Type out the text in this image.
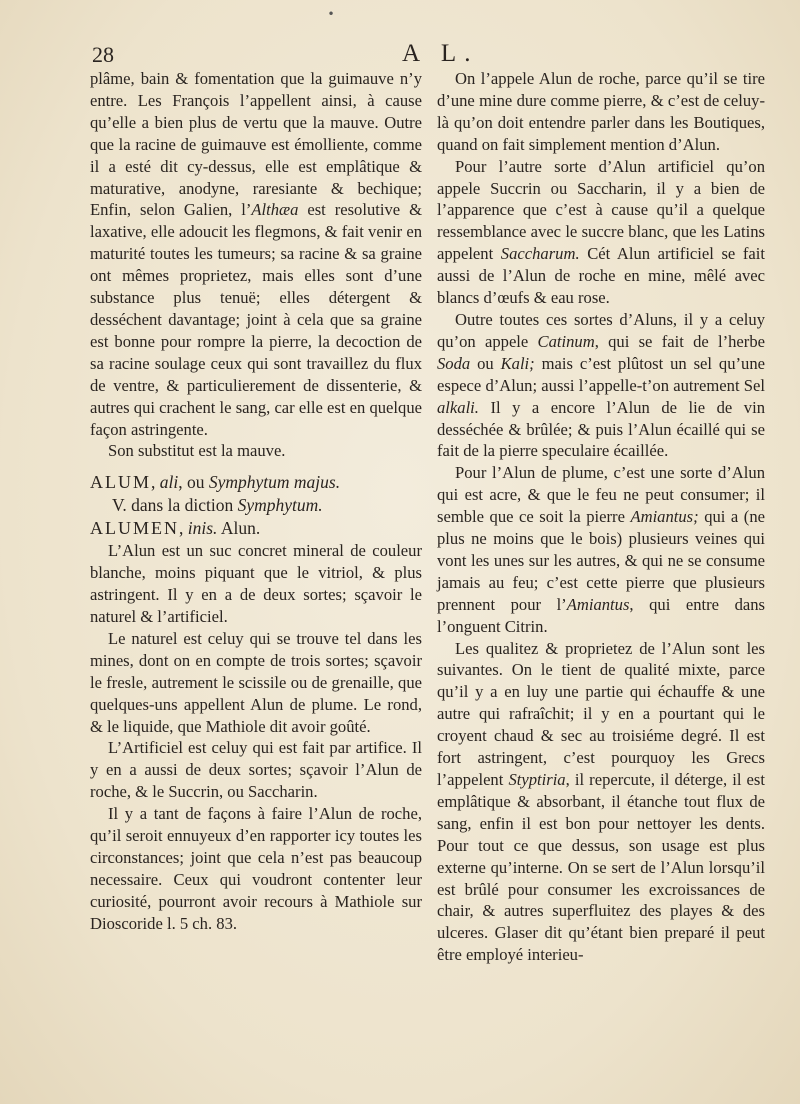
•
28	A L.

plâme, bain & fomentation que la guimauve n’y entre. Les François l’appellent ainsi, à cause qu’elle a bien plus de vertu que la mauve. Outre que la racine de guimauve est émolliente, comme il a esté dit cy-dessus, elle est emplâtique & maturative, anodyne, raresiante & bechique; Enfin, selon Galien, l’Althæa est resolutive & laxative, elle adoucit les flegmons, & fait venir en maturité toutes les tumeurs; sa racine & sa graine ont mêmes proprietez, mais elles sont d’une substance plus tenuë; elles détergent & desséchent davantage; joint à cela que sa graine est bonne pour rompre la pierre, la decoction de sa racine soulage ceux qui sont travaillez du flux de ventre, & particulierement de dissenterie, & autres qui crachent le sang, car elle est en quelque façon astringente.

Son substitut est la mauve.

ALUM, ali, ou Symphytum majus.

V. dans la diction Symphytum.

ALUMEN, inis. Alun.

L’Alun est un suc concret mineral de couleur blanche, moins piquant que le vitriol, & plus astringent. Il y en a de deux sortes; sçavoir le naturel & l’artificiel.

Le naturel est celuy qui se trouve tel dans les mines, dont on en compte de trois sortes; sçavoir le fresle, autrement le scissile ou de grenaille, que quelques-uns appellent Alun de plume. Le rond, & le liquide, que Mathiole dit avoir goûté.

L’Artificiel est celuy qui est fait par artifice. Il y en a aussi de deux sortes; sçavoir l’Alun de roche, & le Succrin, ou Saccharin.

Il y a tant de façons à faire l’Alun de roche, qu’il seroit ennuyeux d’en rapporter icy toutes les circonstances; joint que cela n’est pas beaucoup necessaire. Ceux qui voudront contenter leur curiosité, pourront avoir recours à Mathiole sur Dioscoride l. 5 ch. 83.

On l’appele Alun de roche, parce qu’il se tire d’une mine dure comme pierre, & c’est de celuy-là qu’on doit entendre parler dans les Boutiques, quand on fait simplement mention d’Alun.

Pour l’autre sorte d’Alun artificiel qu’on appele Succrin ou Saccharin, il y a bien de l’apparence que c’est à cause qu’il a quelque ressemblance avec le succre blanc, que les Latins appelent Saccharum. Cét Alun artificiel se fait aussi de l’Alun de roche en mine, mêlé avec blancs d’œufs & eau rose.

Outre toutes ces sortes d’Aluns, il y a celuy qu’on appele Catinum, qui se fait de l’herbe Soda ou Kali; mais c’est plûtost un sel qu’une espece d’Alun; aussi l’appelle-t’on autrement Sel alkali. Il y a encore l’Alun de lie de vin desséchée & brûlée; & puis l’Alun écaillé qui se fait de la pierre speculaire écaillée.

Pour l’Alun de plume, c’est une sorte d’Alun qui est acre, & que le feu ne peut consumer; il semble que ce soit la pierre Amiantus; qui a (ne plus ne moins que le bois) plusieurs veines qui vont les unes sur les autres, & qui ne se consume jamais au feu; c’est cette pierre que plusieurs prennent pour l’Amiantus, qui entre dans l’onguent Citrin.

Les qualitez & proprietez de l’Alun sont les suivantes. On le tient de qualité mixte, parce qu’il y a en luy une partie qui échauffe & une autre qui rafraîchit; il y en a pourtant qui le croyent chaud & sec au troisiéme degré. Il est fort astringent, c’est pourquoy les Grecs l’appelent Styptiria, il repercute, il déterge, il est emplâtique & absorbant, il étanche tout flux de sang, enfin il est bon pour nettoyer les dents. Pour tout ce que dessus, son usage est plus externe qu’interne. On se sert de l’Alun lorsqu’il est brûlé pour consumer les excroissances de chair, & autres superfluitez des playes & des ulceres. Glaser dit qu’étant bien preparé il peut être employé interieu-
